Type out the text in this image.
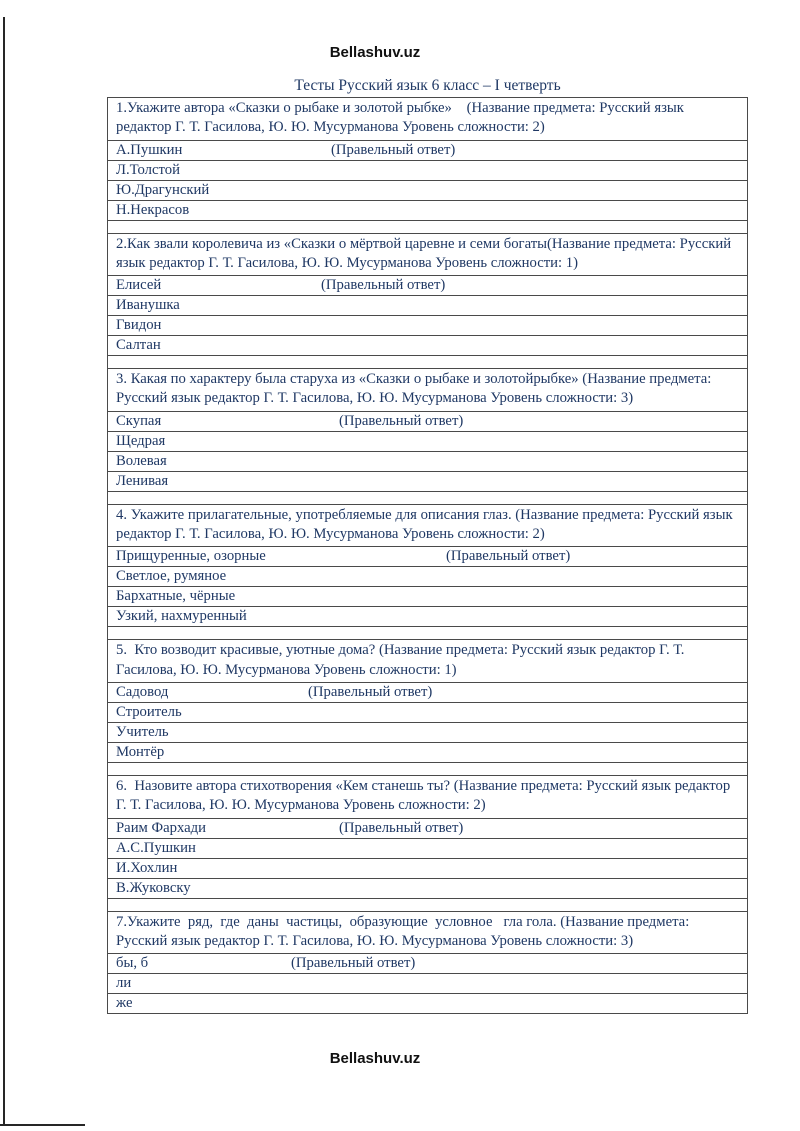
Bellashuv.uz
Тесты Русский язык 6 класс – I четверть
1.Укажите автора «Сказки о рыбаке и золотой рыбке»    (Название предмета: Русский язык редактор Г. Т. Гасилова, Ю. Ю. Мусурманова Уровень сложности: 2)
А.Пушкин	(Правельный ответ)
Л.Толстой
Ю.Драгунский
Н.Некрасов
2.Как звали королевича из «Сказки о мёртвой царевне и семи богаты(Название предмета: Русский язык редактор Г. Т. Гасилова, Ю. Ю. Мусурманова Уровень сложности: 1)
Елисей	(Правельный ответ)
Иванушка
Гвидон
Салтан
3. Какая по характеру была старуха из «Сказки о рыбаке и золотойрыбке» (Название предмета: Русский язык редактор Г. Т. Гасилова, Ю. Ю. Мусурманова Уровень сложности: 3)
Скупая	(Правельный ответ)
Щедрая
Волевая
Ленивая
4. Укажите прилагательные, употребляемые для описания глаз. (Название предмета: Русский язык редактор Г. Т. Гасилова, Ю. Ю. Мусурманова Уровень сложности: 2)
Прищуренные, озорные	(Правельный ответ)
Светлое, румяное
Бархатные, чёрные
Узкий, нахмуренный
5.  Кто возводит красивые, уютные дома? (Название предмета: Русский язык редактор Г. Т. Гасилова, Ю. Ю. Мусурманова Уровень сложности: 1)
Садовод	(Правельный ответ)
Строитель
Учитель
Монтёр
6.  Назовите автора стихотворения «Кем станешь ты? (Название предмета: Русский язык редактор Г. Т. Гасилова, Ю. Ю. Мусурманова Уровень сложности: 2)
Раим Фархади	(Правельный ответ)
А.С.Пушкин
И.Хохлин
В.Жуковску
7.Укажите  ряд,  где  даны  частицы,  образующие  условное   гла гола. (Название предмета: Русский язык редактор Г. Т. Гасилова, Ю. Ю. Мусурманова Уровень сложности: 3)
бы, б	(Правельный ответ)
ли
же
Bellashuv.uz
